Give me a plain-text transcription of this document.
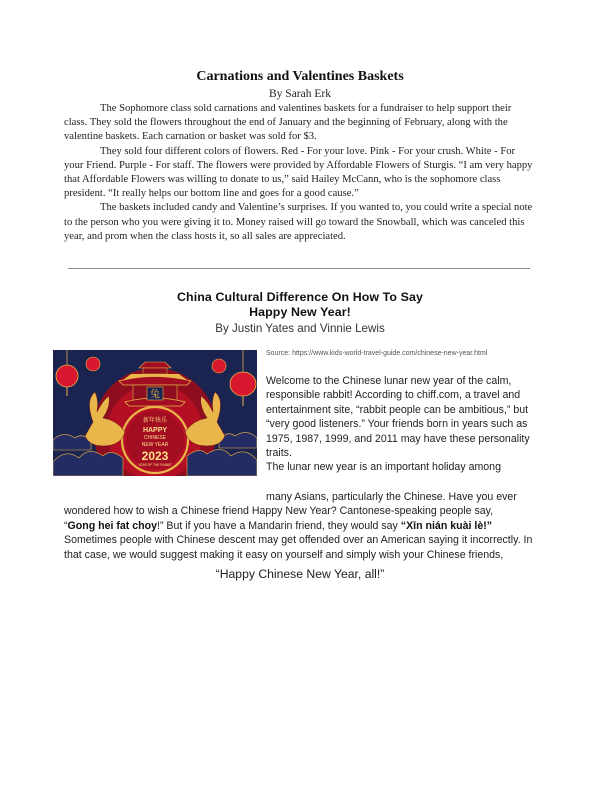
Carnations and Valentines Baskets
By Sarah Erk

The Sophomore class sold carnations and valentines baskets for a fundraiser to help support their class. They sold the flowers throughout the end of January and the beginning of February, along with the valentine baskets. Each carnation or basket was sold for $3.

They sold four different colors of flowers. Red - For your love. Pink - For your crush. White - For your Friend. Purple - For staff. The flowers were provided by Affordable Flowers of Sturgis. “I am very happy that Affordable Flowers was willing to donate to us,” said Hailey McCann, who is the sophomore class president. “It really helps our bottom line and goes for a good cause.”

The baskets included candy and Valentine’s surprises. If you wanted to, you could write a special note to the person who you were giving it to. Money raised will go toward the Snowball, which was canceled this year, and prom when the class hosts it, so all sales are appreciated.

China Cultural Difference On How To Say
Happy New Year!
By Justin Yates and Vinnie Lewis
兔
新年快乐
HAPPY
CHINESE
NEW YEAR
2023
YEAR OF THE RABBIT
Source: https://www.kids-world-travel-guide.com/chinese-new-year.html

Welcome to the Chinese lunar new year of the calm, responsible rabbit! According to chiff.com, a travel and entertainment site, “rabbit people can be ambitious,” but “very good listeners.” Your friends born in years such as 1975, 1987, 1999, and 2011 may have these personality traits.

The lunar new year is an important holiday among

many Asians, particularly the Chinese. Have you ever

wondered how to wish a Chinese friend Happy New Year? Cantonese-speaking people say,

“Gong hei fat choy!” But if you have a Mandarin friend, they would say “Xīn nián kuài lè!”

Sometimes people with Chinese descent may get offended over an American saying it incorrectly. In that case, we would suggest making it easy on yourself and simply wish your Chinese friends,

“Happy Chinese New Year, all!”
